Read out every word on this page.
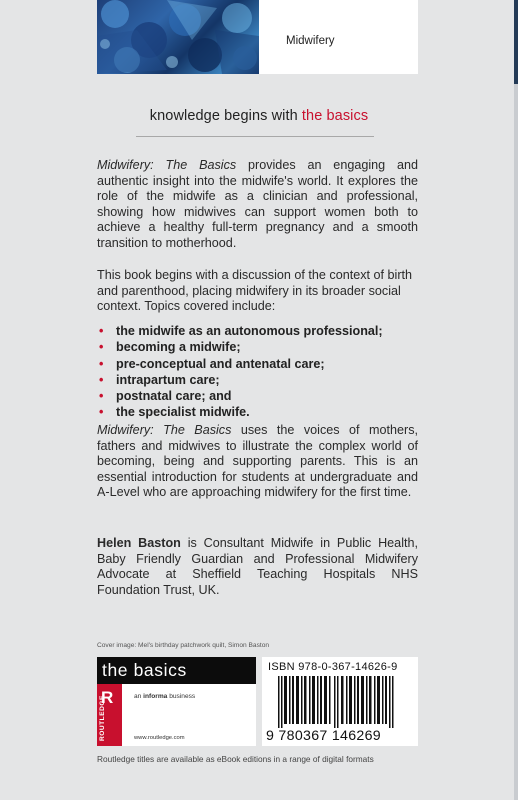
Midwifery
knowledge begins with the basics

Midwifery: The Basics provides an engaging and authentic insight into the midwife's world. It explores the role of the midwife as a clinician and professional, showing how midwives can support women both to achieve a healthy full-term pregnancy and a smooth transition to motherhood.

This book begins with a discussion of the context of birth and parenthood, placing midwifery in its broader social context. Topics covered include:

• the midwife as an autonomous professional;
• becoming a midwife;
• pre-conceptual and antenatal care;
• intrapartum care;
• postnatal care; and
• the specialist midwife.

Midwifery: The Basics uses the voices of mothers, fathers and midwives to illustrate the complex world of becoming, being and supporting parents. This is an essential introduction for students at undergraduate and A-Level who are approaching midwifery for the first time.

Helen Baston is Consultant Midwife in Public Health, Baby Friendly Guardian and Professional Midwifery Advocate at Sheffield Teaching Hospitals NHS Foundation Trust, UK.

Cover image: Mel's birthday patchwork quilt, Simon Baston
the basics
R
ROUTLEDGE	an informa business
www.routledge.com
ISBN 978-0-367-14626-9
9 780367 146269
Routledge titles are available as eBook editions in a range of digital formats
